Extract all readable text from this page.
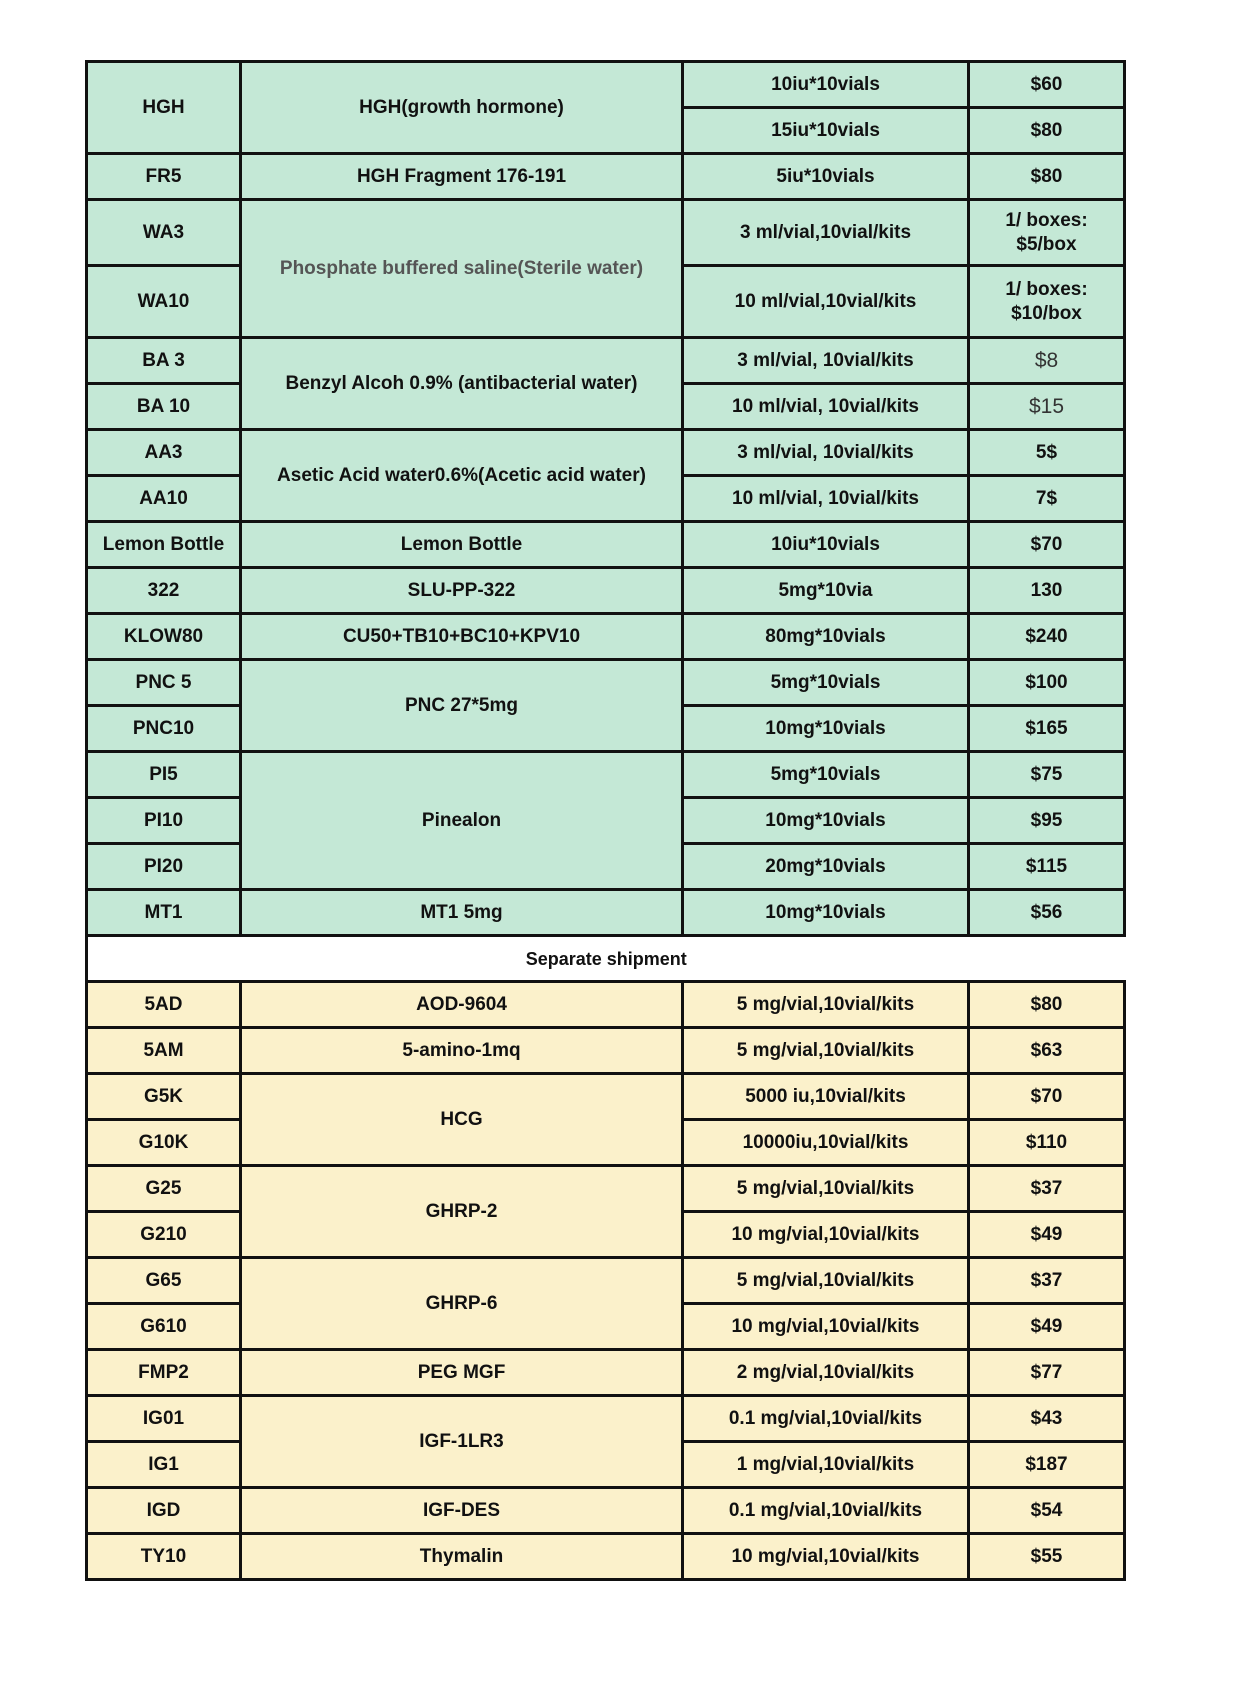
HGH	HGH(growth hormone)	10iu*10vials	$60
		15iu*10vials	$80
FR5	HGH Fragment 176-191	5iu*10vials	$80
WA3	Phosphate buffered saline(Sterile water)	3 ml/vial,10vial/kits	1/ boxes:
$5/box

WA10		10 ml/vial,10vial/kits	1/ boxes:
$10/box

BA 3	Benzyl Alcoh 0.9% (antibacterial water)	3 ml/vial, 10vial/kits	$8
BA 10		10 ml/vial, 10vial/kits	$15
AA3	Asetic Acid water0.6%(Acetic acid water)	3 ml/vial, 10vial/kits	5$
AA10		10 ml/vial, 10vial/kits	7$
Lemon Bottle	Lemon Bottle	10iu*10vials	$70
322	SLU-PP-322	5mg*10via	130
KLOW80	CU50+TB10+BC10+KPV10	80mg*10vials	$240
PNC 5	PNC 27*5mg	5mg*10vials	$100
PNC10		10mg*10vials	$165
PI5	Pinealon	5mg*10vials	$75
PI10		10mg*10vials	$95
PI20		20mg*10vials	$115
MT1	MT1 5mg	10mg*10vials	$56
Separate shipment			
5AD	AOD-9604	5 mg/vial,10vial/kits	$80
5AM	5-amino-1mq	5 mg/vial,10vial/kits	$63
G5K	HCG	5000 iu,10vial/kits	$70
G10K		10000iu,10vial/kits	$110
G25	GHRP-2	5 mg/vial,10vial/kits	$37
G210		10 mg/vial,10vial/kits	$49
G65	GHRP-6	5 mg/vial,10vial/kits	$37
G610		10 mg/vial,10vial/kits	$49
FMP2	PEG MGF	2 mg/vial,10vial/kits	$77
IG01	IGF-1LR3	0.1 mg/vial,10vial/kits	$43
IG1		1 mg/vial,10vial/kits	$187
IGD	IGF-DES	0.1 mg/vial,10vial/kits	$54
TY10	Thymalin	10 mg/vial,10vial/kits	$55
